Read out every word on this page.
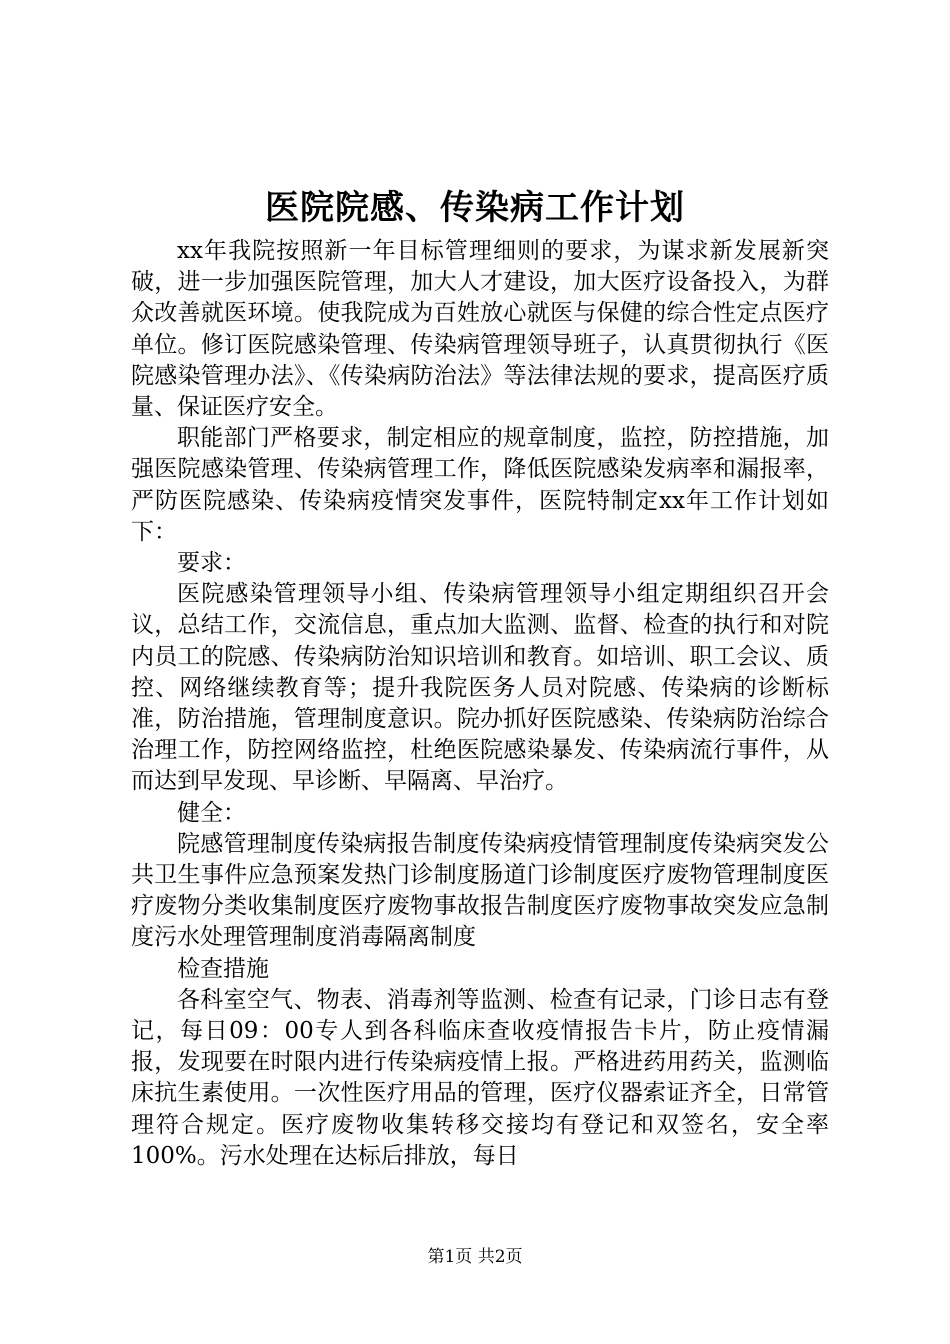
医院院感、传染病工作计划

xx年我院按照新一年目标管理细则的要求，为谋求新发展新突破，进一步加强医院管理，加大人才建设，加大医疗设备投入，为群众改善就医环境。使我院成为百姓放心就医与保健的综合性定点医疗单位。修订医院感染管理、传染病管理领导班子，认真贯彻执行《医院感染管理办法》、《传染病防治法》等法律法规的要求，提高医疗质量、保证医疗安全。

职能部门严格要求，制定相应的规章制度，监控，防控措施，加强医院感染管理、传染病管理工作，降低医院感染发病率和漏报率，严防医院感染、传染病疫情突发事件，医院特制定xx年工作计划如下：

要求：

医院感染管理领导小组、传染病管理领导小组定期组织召开会议，总结工作，交流信息，重点加大监测、监督、检查的执行和对院内员工的院感、传染病防治知识培训和教育。如培训、职工会议、质控、网络继续教育等；提升我院医务人员对院感、传染病的诊断标准，防治措施，管理制度意识。院办抓好医院感染、传染病防治综合治理工作，防控网络监控，杜绝医院感染暴发、传染病流行事件，从而达到早发现、早诊断、早隔离、早治疗。

健全：

院感管理制度传染病报告制度传染病疫情管理制度传染病突发公共卫生事件应急预案发热门诊制度肠道门诊制度医疗废物管理制度医疗废物分类收集制度医疗废物事故报告制度医疗废物事故突发应急制度污水处理管理制度消毒隔离制度

检查措施

各科室空气、物表、消毒剂等监测、检查有记录，门诊日志有登记，每日09：00专人到各科临床查收疫情报告卡片，防止疫情漏报，发现要在时限内进行传染病疫情上报。严格进药用药关，监测临床抗生素使用。一次性医疗用品的管理，医疗仪器索证齐全，日常管理符合规定。医疗废物收集转移交接均有登记和双签名，安全率100%。污水处理在达标后排放，每日

第1页 共2页
